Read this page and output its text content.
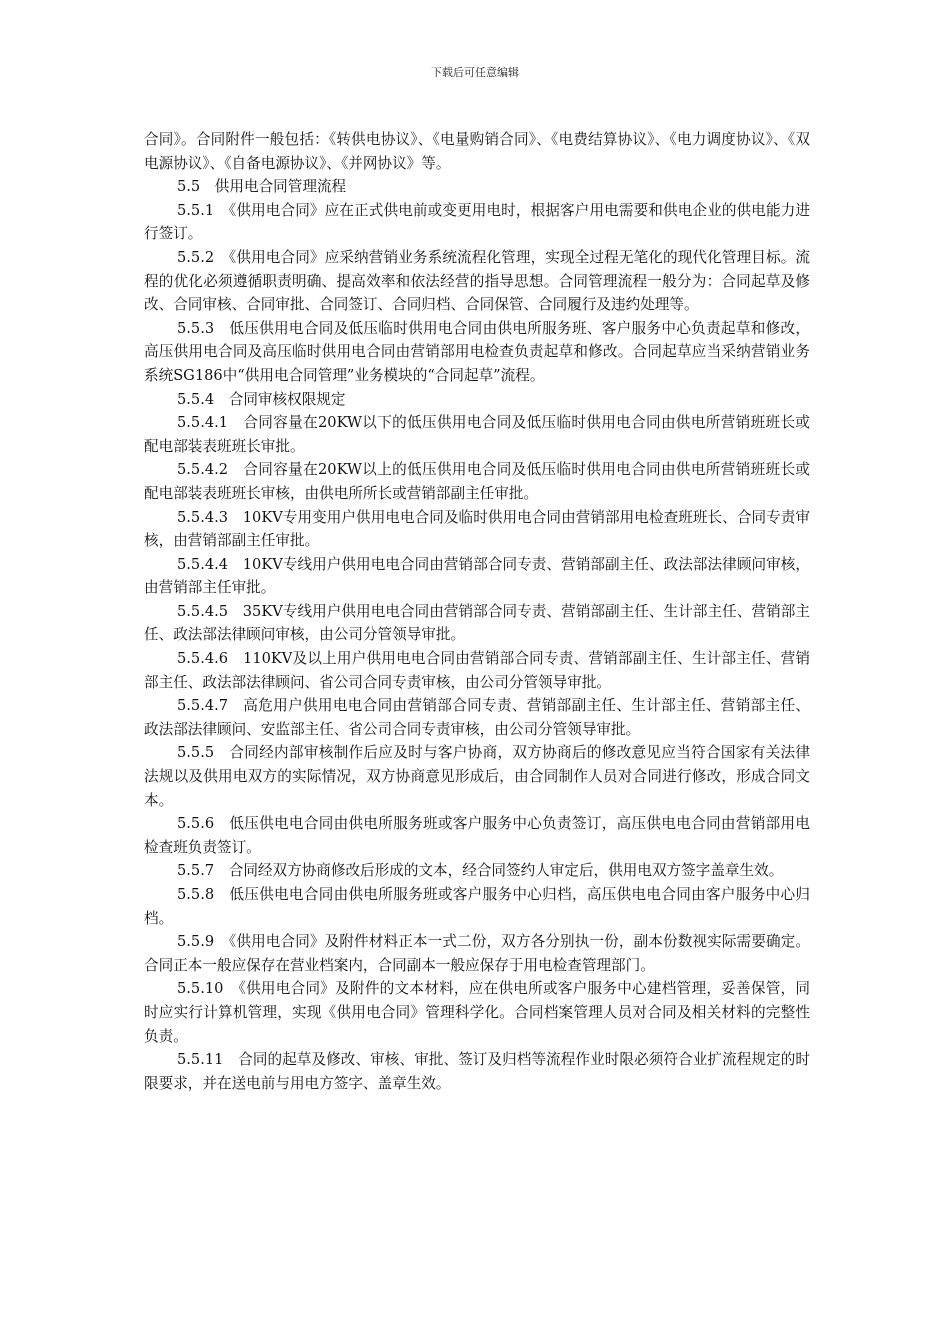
下载后可任意编辑

合同》。合同附件一般包括：《转供电协议》、《电量购销合同》、《电费结算协议》、《电力调度协议》、《双电源协议》、《自备电源协议》、《并网协议》等。

5.5　供用电合同管理流程

5.5.1　《供用电合同》应在正式供电前或变更用电时，根据客户用电需要和供电企业的供电能力进行签订。

5.5.2　《供用电合同》应采纳营销业务系统流程化管理，实现全过程无笔化的现代化管理目标。流程的优化必须遵循职责明确、提高效率和依法经营的指导思想。合同管理流程一般分为：合同起草及修改、合同审核、合同审批、合同签订、合同归档、合同保管、合同履行及违约处理等。

5.5.3　低压供用电合同及低压临时供用电合同由供电所服务班、客户服务中心负责起草和修改，高压供用电合同及高压临时供用电合同由营销部用电检查负责起草和修改。合同起草应当采纳营销业务系统SG186中“供用电合同管理”业务模块的“合同起草”流程。

5.5.4　合同审核权限规定

5.5.4.1　合同容量在20KW以下的低压供用电合同及低压临时供用电合同由供电所营销班班长或配电部装表班班长审批。

5.5.4.2　合同容量在20KW以上的低压供用电合同及低压临时供用电合同由供电所营销班班长或配电部装表班班长审核，由供电所所长或营销部副主任审批。

5.5.4.3　10KV专用变用户供用电电合同及临时供用电合同由营销部用电检查班班长、合同专责审核，由营销部副主任审批。

5.5.4.4　10KV专线用户供用电电合同由营销部合同专责、营销部副主任、政法部法律顾问审核，由营销部主任审批。

5.5.4.5　35KV专线用户供用电电合同由营销部合同专责、营销部副主任、生计部主任、营销部主任、政法部法律顾问审核，由公司分管领导审批。

5.5.4.6　110KV及以上用户供用电电合同由营销部合同专责、营销部副主任、生计部主任、营销部主任、政法部法律顾问、省公司合同专责审核，由公司分管领导审批。

5.5.4.7　高危用户供用电电合同由营销部合同专责、营销部副主任、生计部主任、营销部主任、政法部法律顾问、安监部主任、省公司合同专责审核，由公司分管领导审批。

5.5.5　合同经内部审核制作后应及时与客户协商，双方协商后的修改意见应当符合国家有关法律法规以及供用电双方的实际情况，双方协商意见形成后，由合同制作人员对合同进行修改，形成合同文本。

5.5.6　低压供电电合同由供电所服务班或客户服务中心负责签订，高压供电电合同由营销部用电检查班负责签订。

5.5.7　合同经双方协商修改后形成的文本，经合同签约人审定后，供用电双方签字盖章生效。

5.5.8　低压供电电合同由供电所服务班或客户服务中心归档，高压供电电合同由客户服务中心归档。

5.5.9　《供用电合同》及附件材料正本一式二份，双方各分别执一份，副本份数视实际需要确定。合同正本一般应保存在营业档案内，合同副本一般应保存于用电检查管理部门。

5.5.10　《供用电合同》及附件的文本材料，应在供电所或客户服务中心建档管理，妥善保管，同时应实行计算机管理，实现《供用电合同》管理科学化。合同档案管理人员对合同及相关材料的完整性负责。

5.5.11　合同的起草及修改、审核、审批、签订及归档等流程作业时限必须符合业扩流程规定的时限要求，并在送电前与用电方签字、盖章生效。
